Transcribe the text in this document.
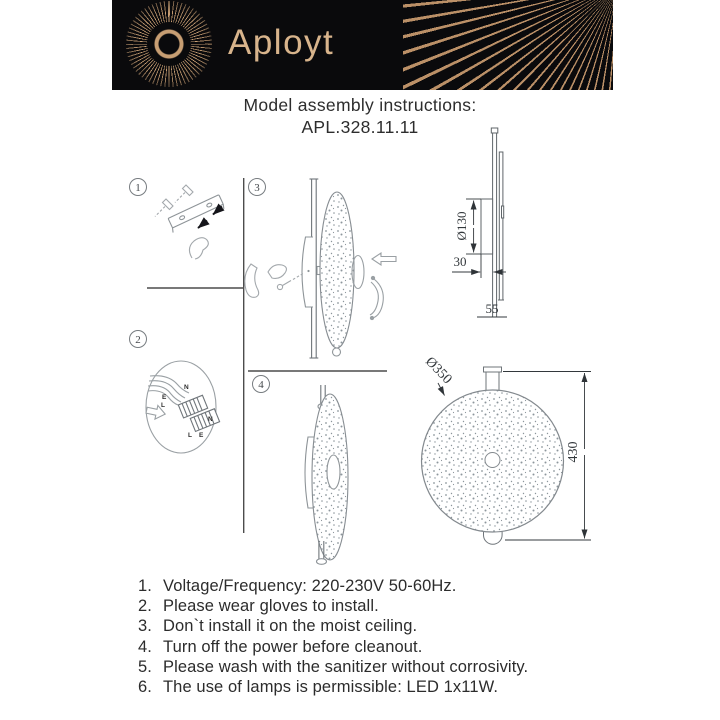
Aployt
Model assembly instructions:
APL.328.11.11
1
2
3
4
N
E
L
N
L E
Ø130
30
55
Ø350
430
1. Voltage/Frequency: 220-230V 50-60Hz.
2. Please wear gloves to install.
3. Don`t install it on the moist ceiling.
4. Turn off the power before cleanout.
5. Please wash with the sanitizer without corrosivity.
6. The use of lamps is permissible: LED 1x11W.
